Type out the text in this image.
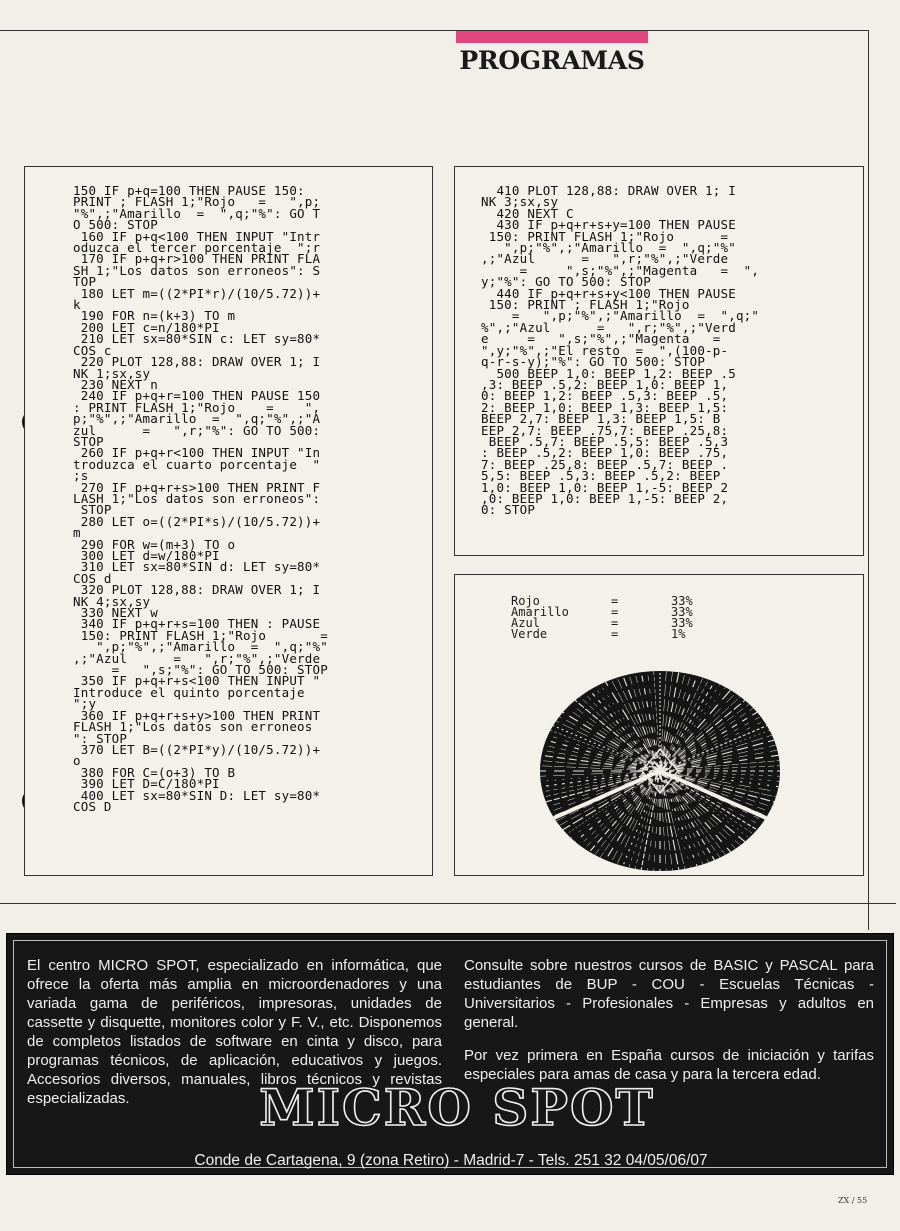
PROGRAMAS
150 IF p+q=100 THEN PAUSE 150:
PRINT ; FLASH 1;"Rojo   =   ",p;
"%",;"Amarillo  =  ",q;"%": GO T
O 500: STOP
160 IF p+q<100 THEN INPUT "Intr
oduzca el tercer porcentaje  ";r
170 IF p+q+r>100 THEN PRINT FLA
SH 1;"Los datos son erroneos": S
TOP
180 LET m=((2*PI*r)/(10/5.72))+
k
190 FOR n=(k+3) TO m
200 LET c=n/180*PI
210 LET sx=80*SIN c: LET sy=80*
COS c
220 PLOT 128,88: DRAW OVER 1; I
NK 1;sx,sy
230 NEXT n
240 IF p+q+r=100 THEN PAUSE 150
: PRINT FLASH 1;"Rojo    =    ",
p;"%",;"Amarillo  =  ",q;"%",;"A
zul      =   ",r;"%": GO TO 500:
STOP
260 IF p+q+r<100 THEN INPUT "In
troduzca el cuarto porcentaje  "
;s
270 IF p+q+r+s>100 THEN PRINT F
LASH 1;"Los datos son erroneos":
STOP
280 LET o=((2*PI*s)/(10/5.72))+
m
290 FOR w=(m+3) TO o
300 LET d=w/180*PI
310 LET sx=80*SIN d: LET sy=80*
COS d
320 PLOT 128,88: DRAW OVER 1; I
NK 4;sx,sy
330 NEXT w
340 IF p+q+r+s=100 THEN : PAUSE
150: PRINT FLASH 1;"Rojo       =
",p;"%",;"Amarillo  =  ",q;"%"
,;"Azul      =   ",r;"%",;"Verde
=   ",s;"%": GO TO 500: STOP
350 IF p+q+r+s<100 THEN INPUT "
Introduce el quinto porcentaje
";y
360 IF p+q+r+s+y>100 THEN PRINT
FLASH 1;"Los datos son erroneos
": STOP
370 LET B=((2*PI*y)/(10/5.72))+
o
380 FOR C=(o+3) TO B
390 LET D=C/180*PI
400 LET sx=80*SIN D: LET sy=80*
COS D
410 PLOT 128,88: DRAW OVER 1; I
NK 3;sx,sy
420 NEXT C
430 IF p+q+r+s+y=100 THEN PAUSE
150: PRINT FLASH 1;"Rojo      =
",p;"%",;"Amarillo  =  ",q;"%"
,;"Azul      =   ",r;"%",;"Verde
=     ",s;"%",;"Magenta   =  ",
y;"%": GO TO 500: STOP
440 IF p+q+r+s+y<100 THEN PAUSE
150: PRINT ; FLASH 1;"Rojo
=   ",p;"%",;"Amarillo  =  ",q;"
%",;"Azul      =   ",r;"%",;"Verd
e     =   ",s;"%",;"Magenta   =
",y;"%",;"El resto  =  ",(100-p-
q-r-s-y);"%": GO TO 500: STOP
500 BEEP 1,0: BEEP 1,2: BEEP .5
,3: BEEP .5,2: BEEP 1,0: BEEP 1,
0: BEEP 1,2: BEEP .5,3: BEEP .5,
2: BEEP 1,0: BEEP 1,3: BEEP 1,5:
BEEP 2,7: BEEP 1,3: BEEP 1,5: B
EEP 2,7: BEEP .75,7: BEEP .25,8:
BEEP .5,7: BEEP .5,5: BEEP .5,3
: BEEP .5,2: BEEP 1,0: BEEP .75,
7: BEEP .25,8: BEEP .5,7: BEEP .
5,5: BEEP .5,3: BEEP .5,2: BEEP
1,0: BEEP 1,0: BEEP 1,-5: BEEP 2
,0: BEEP 1,0: BEEP 1,-5: BEEP 2,
0: STOP
Rojo	=	33%
Amarillo	=	33%
Azul	=	33%
Verde	=	1%
El centro MICRO SPOT, especializado en informática, que ofrece la oferta más amplia en microordenadores y una variada gama de periféricos, impresoras, unidades de cassette y disquette, monitores color y F. V., etc. Disponemos de completos listados de software en cinta y disco, para programas técnicos, de aplicación, educativos y juegos. Accesorios diversos, manuales, libros técnicos y revistas especializadas.
Consulte sobre nuestros cursos de BASIC y PASCAL para estudiantes de BUP - COU - Escuelas Técnicas - Universitarios - Profesionales - Empresas y adultos en general.
Por vez primera en España cursos de iniciación y tarifas especiales para amas de casa y para la tercera edad.
MICRO SPOT
Conde de Cartagena, 9 (zona Retiro) - Madrid-7 - Tels. 251 32 04/05/06/07
ZX / 55
